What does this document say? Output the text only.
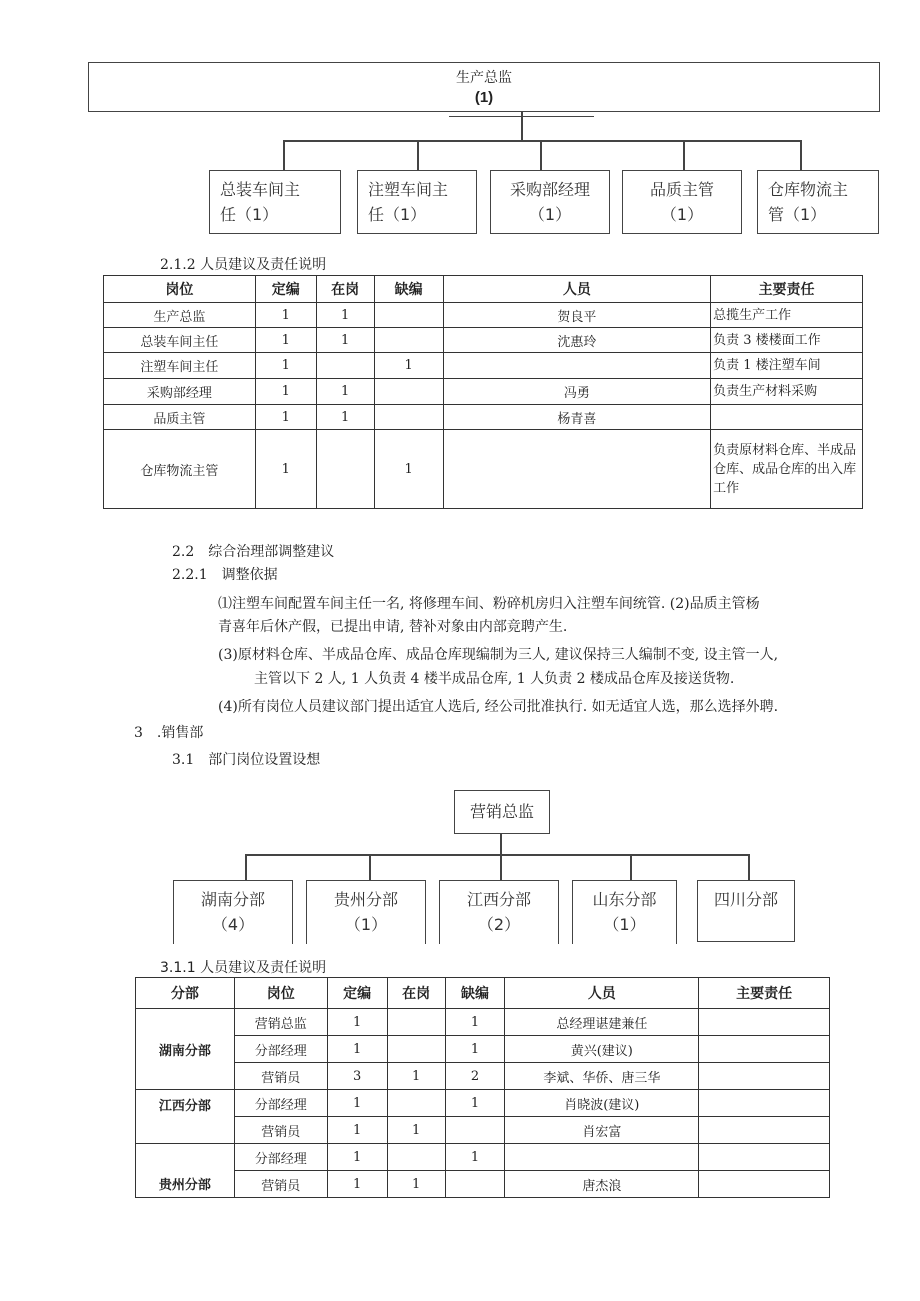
生产总监
(1)
总装车间主
任（1）
注塑车间主
任（1）
采购部经理
（1）
品质主管
（1）
仓库物流主
管（1）
2.1.2 人员建议及责任说明
岗位	定编	在岗	缺编	人员	主要责任
生产总监	1	1		贺良平	总揽生产工作
总装车间主任	1	1		沈惠玲	负责 3 楼楼面工作
注塑车间主任	1		1		负责 1 楼注塑车间
采购部经理	1	1		冯勇	负责生产材料采购
品质主管	1	1		杨青喜	
仓库物流主管	1		1		负责原材料仓库、半成品仓库、成品仓库的出入库工作
2.2　综合治理部调整建议
2.2.1　调整依据
⑴注塑车间配置车间主任一名, 将修理车间、粉碎机房归入注塑车间统管. (2)品质主管杨
青喜年后休产假，已提出申请, 替补对象由内部竞聘产生.
(3)原材料仓库、半成品仓库、成品仓库现编制为三人, 建议保持三人编制不变, 设主管一人,
主管以下 2 人, 1 人负责 4 楼半成品仓库, 1 人负责 2 楼成品仓库及接送货物.
(4)所有岗位人员建议部门提出适宜人选后, 经公司批准执行. 如无适宜人选，那么选择外聘.
3　.销售部
3.1　部门岗位设置设想
营销总监
湖南分部
（4）
贵州分部
（1）
江西分部
（2）
山东分部
（1）
四川分部
3.1.1 人员建议及责任说明
分部	岗位	定编	在岗	缺编	人员	主要责任
湖南分部	营销总监	1		1	总经理谌建兼任	
	分部经理	1		1	黄兴(建议)	
	营销员	3	1	2	李斌、华侨、唐三华	
江西分部	分部经理	1		1	肖晓波(建议)	
	营销员	1	1		肖宏富	
贵州分部	分部经理	1		1		
	营销员	1	1		唐杰浪	
